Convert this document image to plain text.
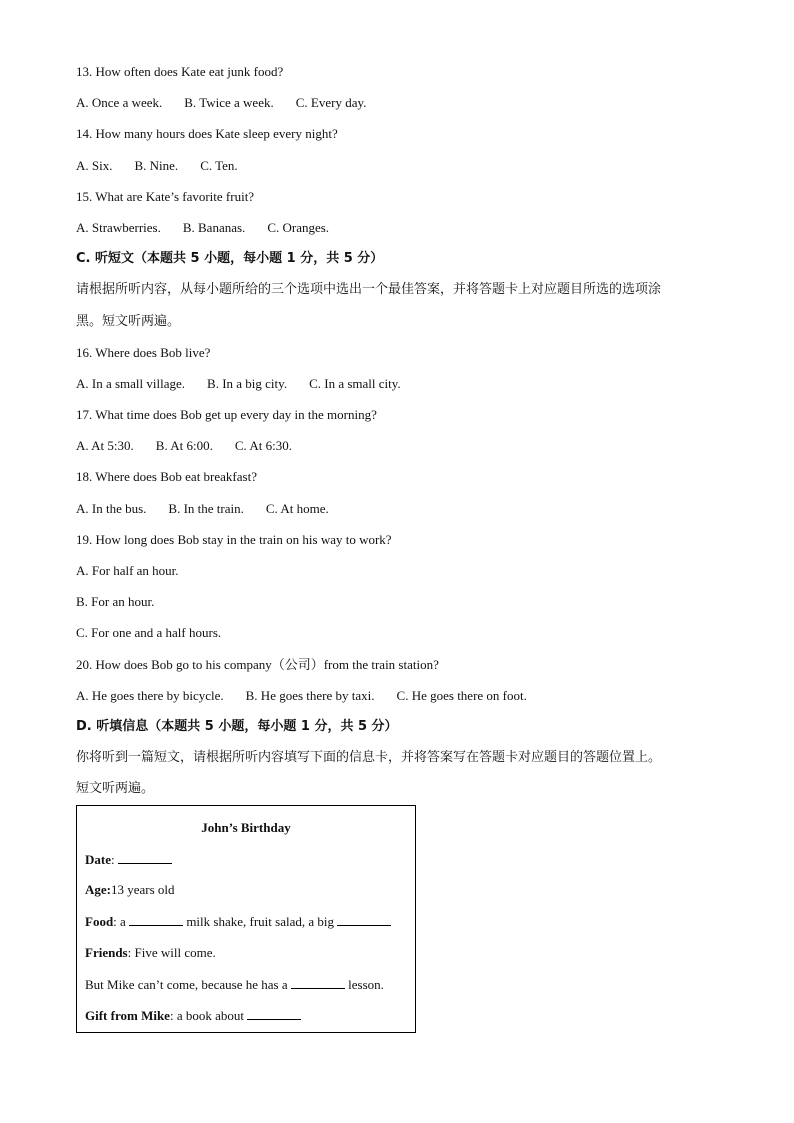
13. How often does Kate eat junk food?
A. Once a week. B. Twice a week. C. Every day.
14. How many hours does Kate sleep every night?
A. Six. B. Nine. C. Ten.
15. What are Kate’s favorite fruit?
A. Strawberries. B. Bananas. C. Oranges.
C. 听短文（本题共 5 小题，每小题 1 分，共 5 分）
请根据所听内容，从每小题所给的三个选项中选出一个最佳答案，并将答题卡上对应题目所选的选项涂
黑。短文听两遍。
16. Where does Bob live?
A. In a small village. B. In a big city. C. In a small city.
17. What time does Bob get up every day in the morning?
A. At 5:30. B. At 6:00. C. At 6:30.
18. Where does Bob eat breakfast?
A. In the bus. B. In the train. C. At home.
19. How long does Bob stay in the train on his way to work?
A. For half an hour.
B. For an hour.
C. For one and a half hours.
20. How does Bob go to his company（公司）from the train station?
A. He goes there by bicycle. B. He goes there by taxi. C. He goes there on foot.
D. 听填信息（本题共 5 小题，每小题 1 分，共 5 分）
你将听到一篇短文，请根据所听内容填写下面的信息卡，并将答案写在答题卡对应题目的答题位置上。
短文听两遍。
John’s Birthday
Date:
Age:13 years old
Food: a	milk shake, fruit salad, a big
Friends: Five will come.
But Mike can’t come, because he has a	lesson.
Gift from Mike: a book about
